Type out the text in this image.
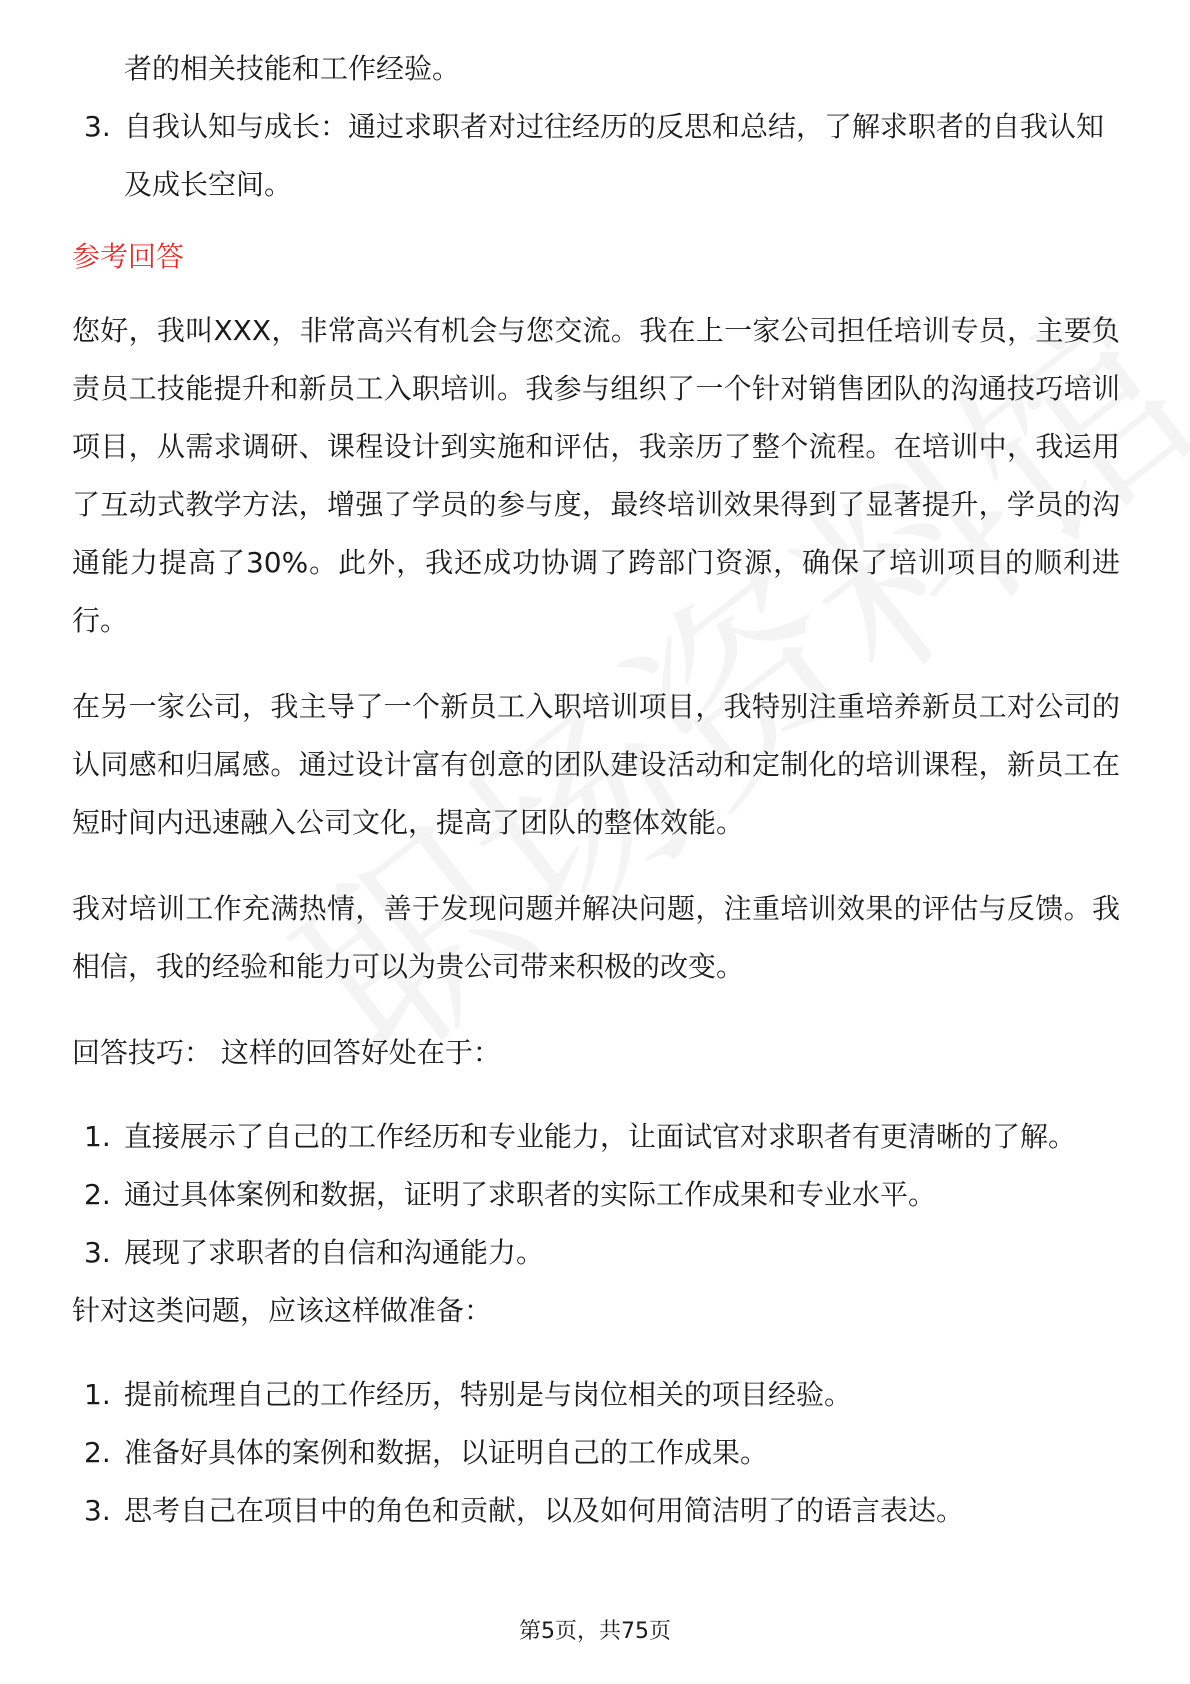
者的相关技能和工作经验。

3. 自我认知与成长：通过求职者对过往经历的反思和总结，了解求职者的自我认知及成长空间。
参考回答

您好，我叫XXX，非常高兴有机会与您交流。我在上一家公司担任培训专员，主要负责员工技能提升和新员工入职培训。我参与组织了一个针对销售团队的沟通技巧培训项目，从需求调研、课程设计到实施和评估，我亲历了整个流程。在培训中，我运用了互动式教学方法，增强了学员的参与度，最终培训效果得到了显著提升，学员的沟通能力提高了30%。此外，我还成功协调了跨部门资源，确保了培训项目的顺利进行。

在另一家公司，我主导了一个新员工入职培训项目，我特别注重培养新员工对公司的认同感和归属感。通过设计富有创意的团队建设活动和定制化的培训课程，新员工在短时间内迅速融入公司文化，提高了团队的整体效能。

我对培训工作充满热情，善于发现问题并解决问题，注重培训效果的评估与反馈。我相信，我的经验和能力可以为贵公司带来积极的改变。

回答技巧： 这样的回答好处在于：

1. 直接展示了自己的工作经历和专业能力，让面试官对求职者有更清晰的了解。
2. 通过具体案例和数据，证明了求职者的实际工作成果和专业水平。
3. 展现了求职者的自信和沟通能力。

针对这类问题，应该这样做准备：

1. 提前梳理自己的工作经历，特别是与岗位相关的项目经验。
2. 准备好具体的案例和数据，以证明自己的工作成果。
3. 思考自己在项目中的角色和贡献，以及如何用简洁明了的语言表达。
第5页，共75页
